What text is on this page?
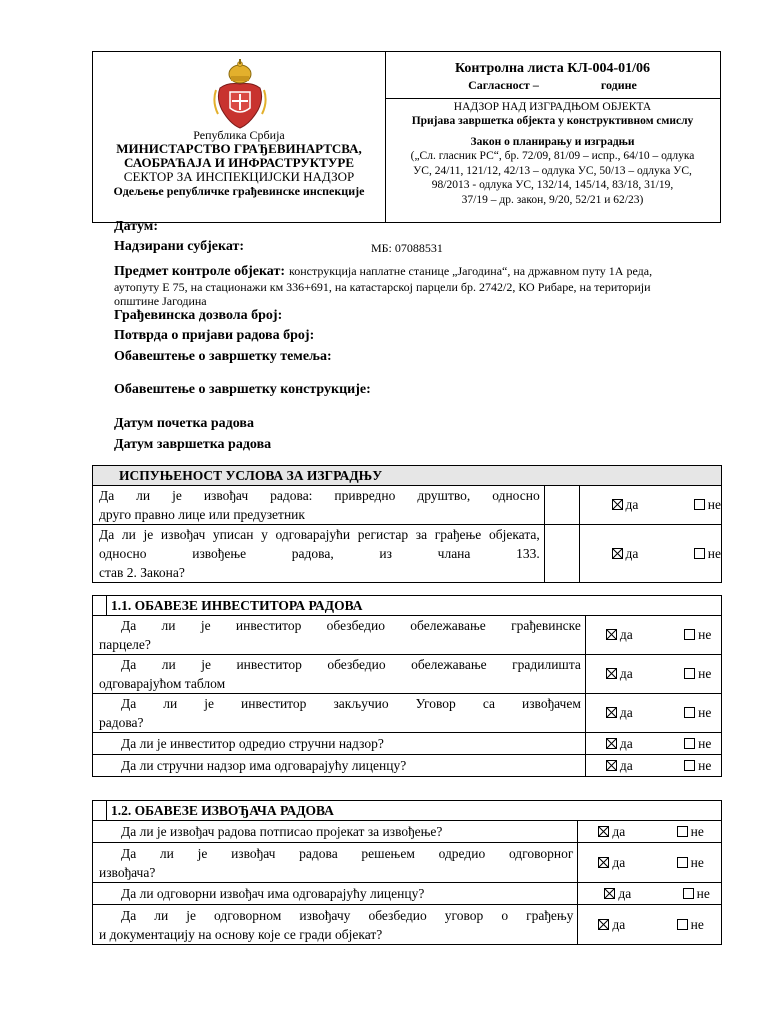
Република Србија
МИНИСТАРСТВО ГРАЂЕВИНАРТСВА,
САОБРАЋАЈА И ИНФРАСТРУКТУРЕ
СЕКТОР ЗА ИНСПЕКЦИЈСКИ НАДЗОР
Одељење републичке грађевинске инспекције
Контролна листа КЛ-004-01/06
Сагласност –	године
НАДЗОР НАД ИЗГРАДЊОМ ОБЈЕКТА
Пријава завршетка објекта у конструктивном смислу
Закон о планирању и изградњи
(„Сл. гласник РС“, бр. 72/09, 81/09 – испр., 64/10 – одлука
УС, 24/11, 121/12, 42/13 – одлука УС, 50/13 – одлука УС,
98/2013 - одлука УС, 132/14, 145/14, 83/18, 31/19,
37/19 – др. закон, 9/20, 52/21 и 62/23)
Датум:
Надзирани субјекат:	МБ: 07088531
Предмет контроле објекат: конструкција наплатне станице „Јагодина“, на државном путу 1А реда,
аутопуту Е 75, на стационажи км 336+691, на катастарској парцели бр. 2742/2, КО Рибаре, на територији
општине Јагодина
Грађевинска дозвола број:
Потврда о пријави радова број:
Обавештење о завршетку темеља:
Обавештење о завршетку конструкције:
Датум почетка радова
Датум завршетка радова
ИСПУЊЕНОСТ УСЛОВА ЗА ИЗГРАДЊУ		
Да ли је извођач радова: привредно друштво, односно
друго правно лице или предузетник		да не
Да ли је извођач уписан у одговарајући регистар за грађење објеката, односно извођење радова, из члана 133.
став 2. Закона?		да не
	1.1. ОБАВЕЗЕ ИНВЕСТИТОРА РАДОВА	
Да ли је инвеститор обезбедио обележавање грађевинске
парцеле?		да не
Да ли је инвеститор обезбедио обележавање градилишта
одговарајућом таблом		да не
Да ли је инвеститор закључио Уговор са извођачем
радова?		да не
Да ли је инвеститор одредио стручни надзор?		да не
Да ли стручни надзор има одговарајућу лиценцу?		да не
	1.2. ОБАВЕЗЕ ИЗВОЂАЧА РАДОВА	
Да ли је извођач радова потписао пројекат за извођење?		да не
Да ли је извођач радова решењем одредио одговорног
извођача?		да не
Да ли одговорни извођач има одговарајућу лиценцу?		да не
Да ли је одговорном извођачу обезбедио уговор о грађењу
и документацију на основу које се гради објекат?		да не
